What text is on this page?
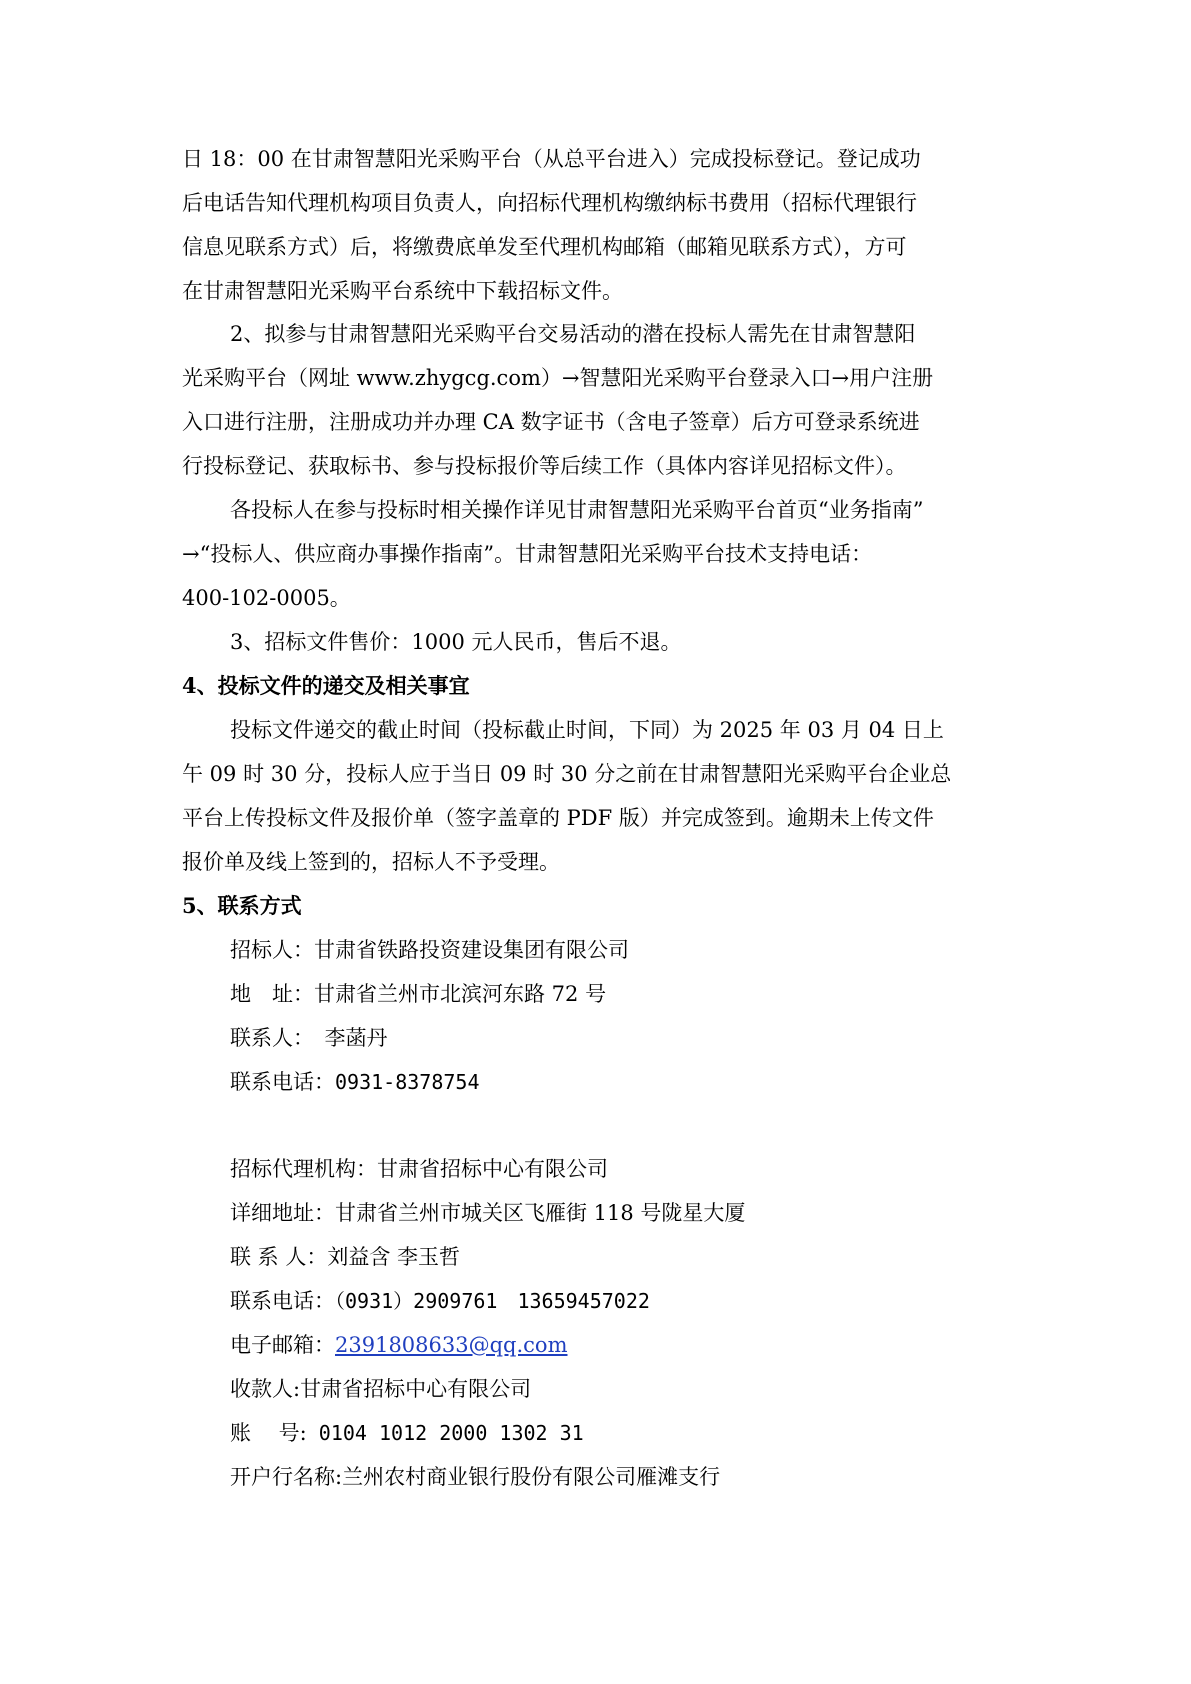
日 18：00 在甘肃智慧阳光采购平台（从总平台进入）完成投标登记。登记成功
后电话告知代理机构项目负责人，向招标代理机构缴纳标书费用（招标代理银行
信息见联系方式）后，将缴费底单发至代理机构邮箱（邮箱见联系方式），方可
在甘肃智慧阳光采购平台系统中下载招标文件。
2、拟参与甘肃智慧阳光采购平台交易活动的潜在投标人需先在甘肃智慧阳
光采购平台（网址 www.zhygcg.com）→智慧阳光采购平台登录入口→用户注册
入口进行注册，注册成功并办理 CA 数字证书（含电子签章）后方可登录系统进
行投标登记、获取标书、参与投标报价等后续工作（具体内容详见招标文件）。
各投标人在参与投标时相关操作详见甘肃智慧阳光采购平台首页“业务指南”
→“投标人、供应商办事操作指南”。甘肃智慧阳光采购平台技术支持电话：
400-102-0005。
3、招标文件售价：1000 元人民币，售后不退。
4、投标文件的递交及相关事宜
投标文件递交的截止时间（投标截止时间，下同）为 2025 年 03 月 04 日上
午 09 时 30 分，投标人应于当日 09 时 30 分之前在甘肃智慧阳光采购平台企业总
平台上传投标文件及报价单（签字盖章的 PDF 版）并完成签到。逾期未上传文件
报价单及线上签到的，招标人不予受理。
5、联系方式
招标人：甘肃省铁路投资建设集团有限公司
地　址：甘肃省兰州市北滨河东路 72 号
联系人：　李菡丹
联系电话：0931-8378754
招标代理机构：甘肃省招标中心有限公司
详细地址：甘肃省兰州市城关区飞雁街 118 号陇星大厦
联 系 人：刘益含 李玉哲
联系电话：（0931）2909761　13659457022
电子邮箱：2391808633@qq.com
收款人:甘肃省招标中心有限公司
账　 号: 0104 1012 2000 1302 31
开户行名称:兰州农村商业银行股份有限公司雁滩支行
